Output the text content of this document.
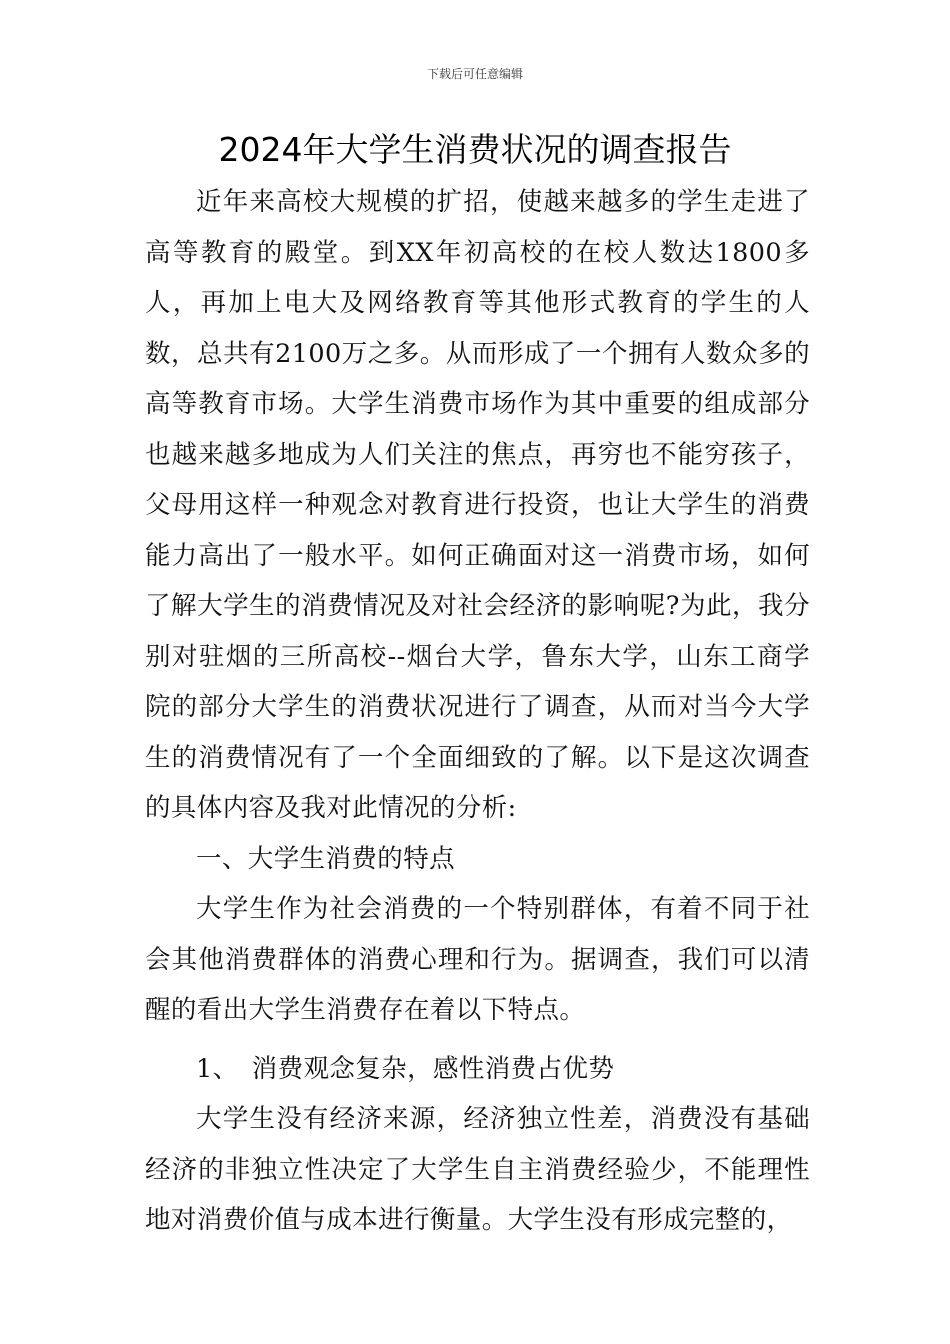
下载后可任意编辑
2024年大学生消费状况的调查报告

近年来高校大规模的扩招，使越来越多的学生走进了高等教育的殿堂。到XX年初高校的在校人数达1800多人，再加上电大及网络教育等其他形式教育的学生的人数，总共有2100万之多。从而形成了一个拥有人数众多的高等教育市场。大学生消费市场作为其中重要的组成部分也越来越多地成为人们关注的焦点，再穷也不能穷孩子，父母用这样一种观念对教育进行投资，也让大学生的消费能力高出了一般水平。如何正确面对这一消费市场，如何了解大学生的消费情况及对社会经济的影响呢?为此，我分别对驻烟的三所高校--烟台大学，鲁东大学，山东工商学院的部分大学生的消费状况进行了调查，从而对当今大学生的消费情况有了一个全面细致的了解。以下是这次调查的具体内容及我对此情况的分析:

一、大学生消费的特点

大学生作为社会消费的一个特别群体，有着不同于社会其他消费群体的消费心理和行为。据调查，我们可以清醒的看出大学生消费存在着以下特点。

1、　消费观念复杂，感性消费占优势

大学生没有经济来源，经济独立性差，消费没有基础经济的非独立性决定了大学生自主消费经验少，不能理性地对消费价值与成本进行衡量。大学生没有形成完整的，
